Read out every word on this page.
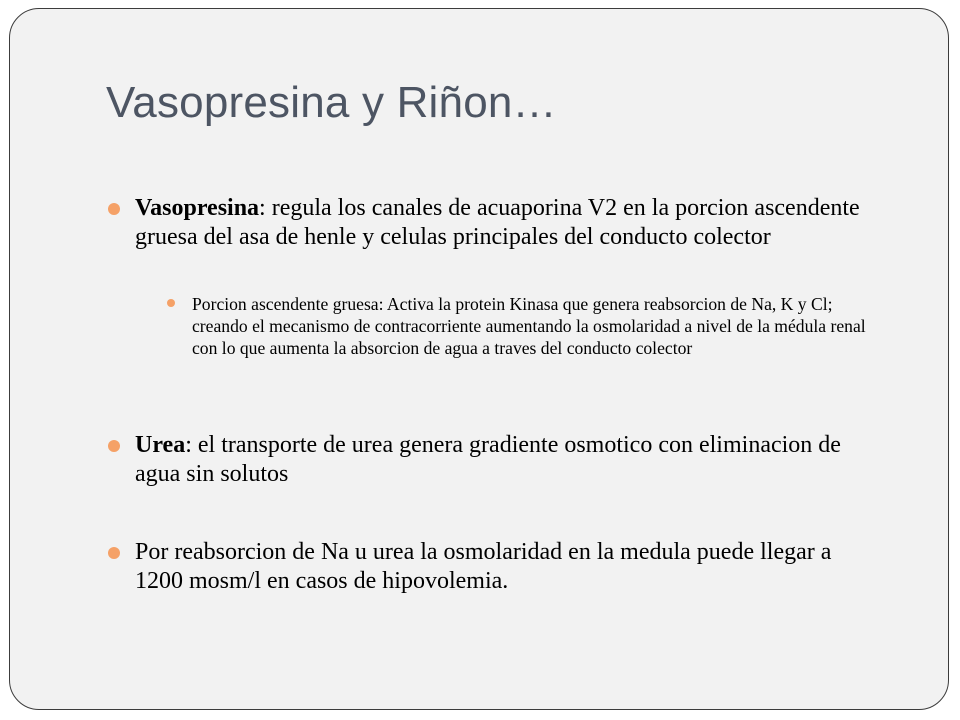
Vasopresina y Riñon…
Vasopresina: regula los canales de acuaporina V2 en la porcion ascendente gruesa del asa de henle y celulas principales del conducto colector
Porcion ascendente gruesa: Activa la protein Kinasa que genera reabsorcion de Na, K y Cl; creando el mecanismo de contracorriente aumentando la osmolaridad a nivel de la médula renal con lo que aumenta la absorcion de agua a traves del conducto colector
Urea: el transporte de urea genera gradiente osmotico con eliminacion de agua sin solutos
Por reabsorcion de Na u urea la osmolaridad en la medula puede llegar a 1200 mosm/l en casos de hipovolemia.
